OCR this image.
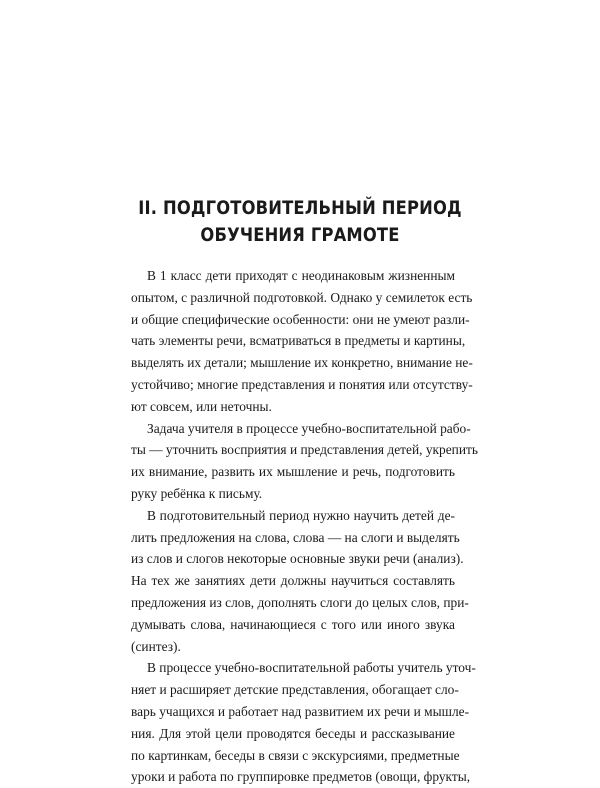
II. ПОДГОТОВИТЕЛЬНЫЙ ПЕРИОД
ОБУЧЕНИЯ ГРАМОТЕ
В 1 класс дети приходят с неодинаковым жизненным
опытом, с различной подготовкой. Однако у семилеток есть
и общие специфические особенности: они не умеют разли-
чать элементы речи, всматриваться в предметы и картины,
выделять их детали; мышление их конкретно, внимание не-
устойчиво; многие представления и понятия или отсутству-
ют совсем, или неточны.
Задача учителя в процессе учебно-воспитательной рабо-
ты — уточнить восприятия и представления детей, укрепить
их внимание, развить их мышление и речь, подготовить
руку ребёнка к письму.
В подготовительный период нужно научить детей де-
лить предложения на слова, слова — на слоги и выделять
из слов и слогов некоторые основные звуки речи (анализ).
На тех же занятиях дети должны научиться составлять
предложения из слов, дополнять слоги до целых слов, при-
думывать слова, начинающиеся с того или иного звука
(синтез).
В процессе учебно-воспитательной работы учитель уточ-
няет и расширяет детские представления, обогащает сло-
варь учащихся и работает над развитием их речи и мышле-
ния. Для этой цели проводятся беседы и рассказывание
по картинкам, беседы в связи с экскурсиями, предметные
уроки и работа по группировке предметов (овощи, фрукты,
